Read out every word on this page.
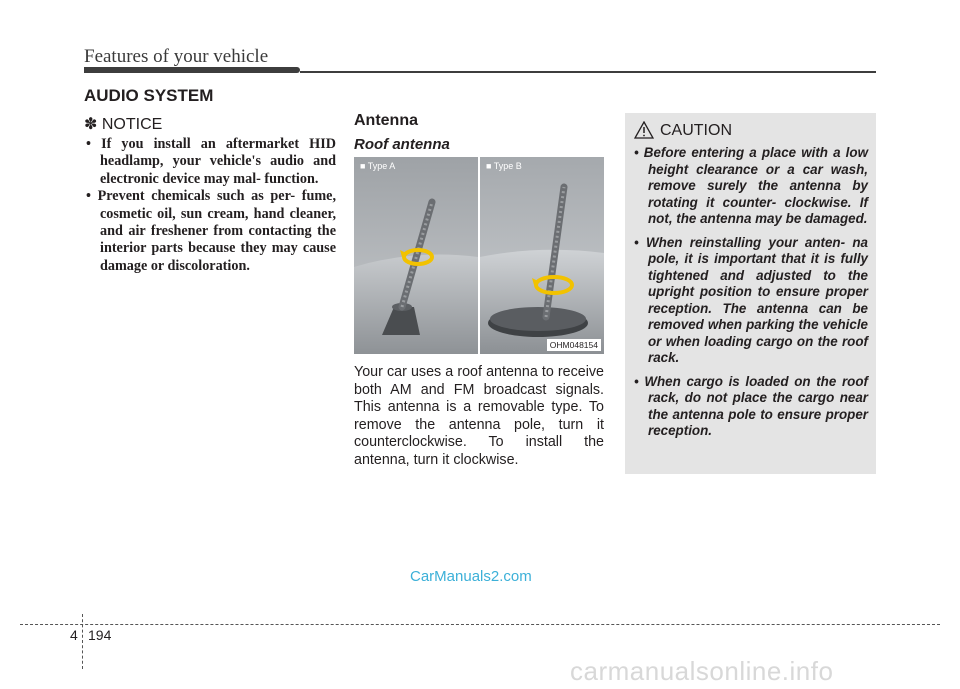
Features of your vehicle
AUDIO SYSTEM
✽ NOTICE
• If you install an aftermarket HID headlamp, your vehicle's audio and electronic device may mal- function.
• Prevent chemicals such as per- fume, cosmetic oil, sun cream, hand cleaner, and air freshener from contacting the interior parts because they may cause damage or discoloration.
Antenna
Roof antenna
■ Type A	■ Type B
OHM048154
Your car uses a roof antenna to receive both AM and FM broadcast signals. This antenna is a removable type. To remove the antenna pole, turn it counterclockwise. To install the antenna, turn it clockwise.
CAUTION
• Before entering a place with a low height clearance or a car wash, remove surely the antenna by rotating it counter- clockwise. If not, the antenna may be damaged.
• When reinstalling your anten- na pole, it is important that it is fully tightened and adjusted to the upright position to ensure proper reception. The antenna can be removed when parking the vehicle or when loading cargo on the roof rack.
• When cargo is loaded on the roof rack, do not place the cargo near the antenna pole to ensure proper reception.
CarManuals2.com
4 194
carmanualsonline.info
